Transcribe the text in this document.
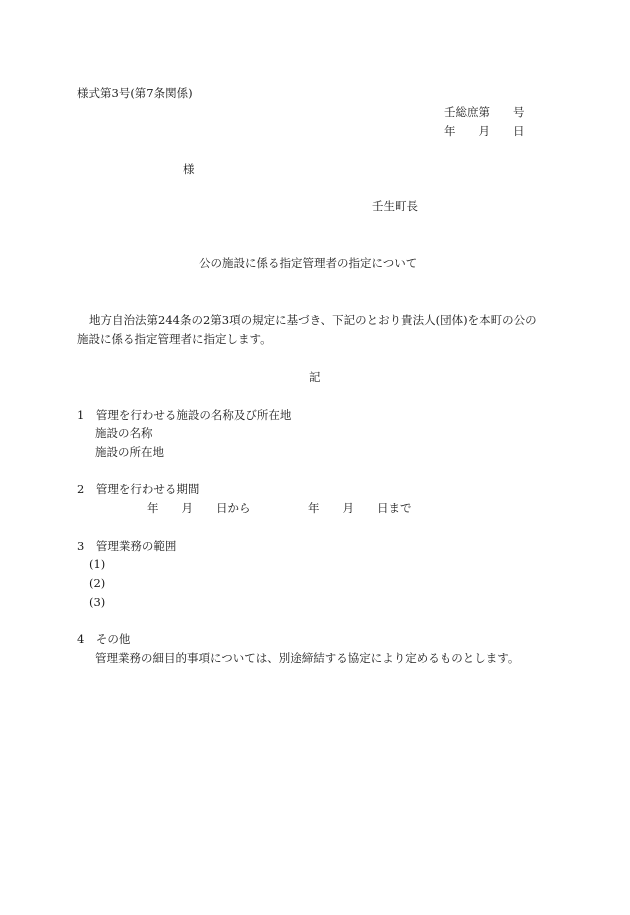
様式第3号(第7条関係)
壬総庶第　　号
年　　月　　日
様
壬生町長
公の施設に係る指定管理者の指定について
地方自治法第244条の2第3項の規定に基づき、下記のとおり貴法人(団体)を本町の公の
施設に係る指定管理者に指定します。
記
1　管理を行わせる施設の名称及び所在地
施設の名称
施設の所在地
2　管理を行わせる期間
年　　月　　日から　　　　　年　　月　　日まで
3　管理業務の範囲
(1)
(2)
(3)
4　その他
管理業務の細目的事項については、別途締結する協定により定めるものとします。
